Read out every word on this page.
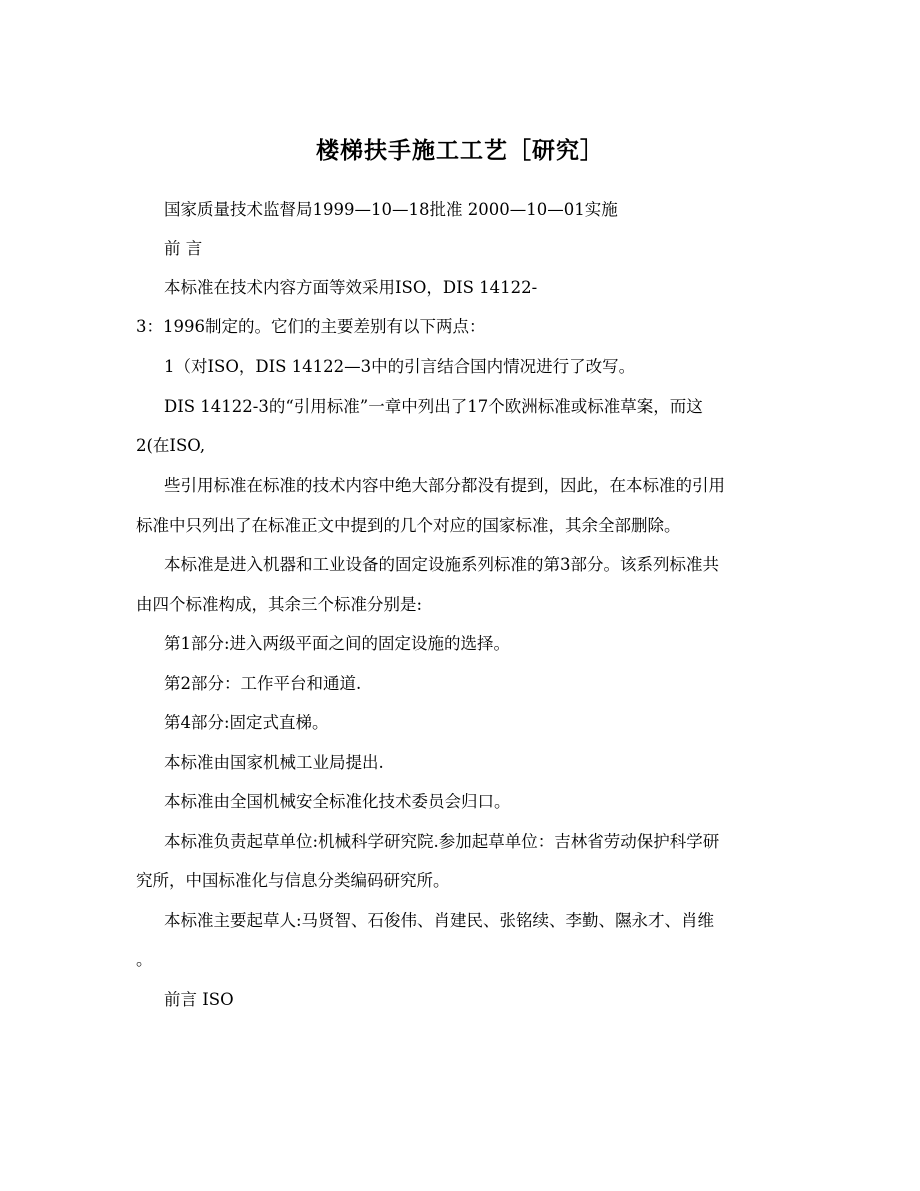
楼梯扶手施工工艺［研究］
国家质量技术监督局1999—10—18批准 2000—10—01实施
前 言
本标准在技术内容方面等效采用ISO，DIS 14122-
3：1996制定的。它们的主要差别有以下两点：
1（对ISO，DIS 14122—3中的引言结合国内情况进行了改写。
DIS 14122-3的“引用标准”一章中列出了17个欧洲标准或标准草案，而这
2(在ISO,
些引用标准在标准的技术内容中绝大部分都没有提到，因此，在本标准的引用
标准中只列出了在标准正文中提到的几个对应的国家标准，其余全部删除。
本标准是进入机器和工业设备的固定设施系列标准的第3部分。该系列标准共
由四个标准构成，其余三个标准分别是:
第1部分:进入两级平面之间的固定设施的选择。
第2部分：工作平台和通道.
第4部分:固定式直梯。
本标准由国家机械工业局提出.
本标准由全国机械安全标准化技术委员会归口。
本标准负责起草单位:机械科学研究院.参加起草单位：吉林省劳动保护科学研
究所，中国标准化与信息分类编码研究所。
本标准主要起草人:马贤智、石俊伟、肖建民、张铭续、李勤、隰永才、肖维
。
前言 ISO
